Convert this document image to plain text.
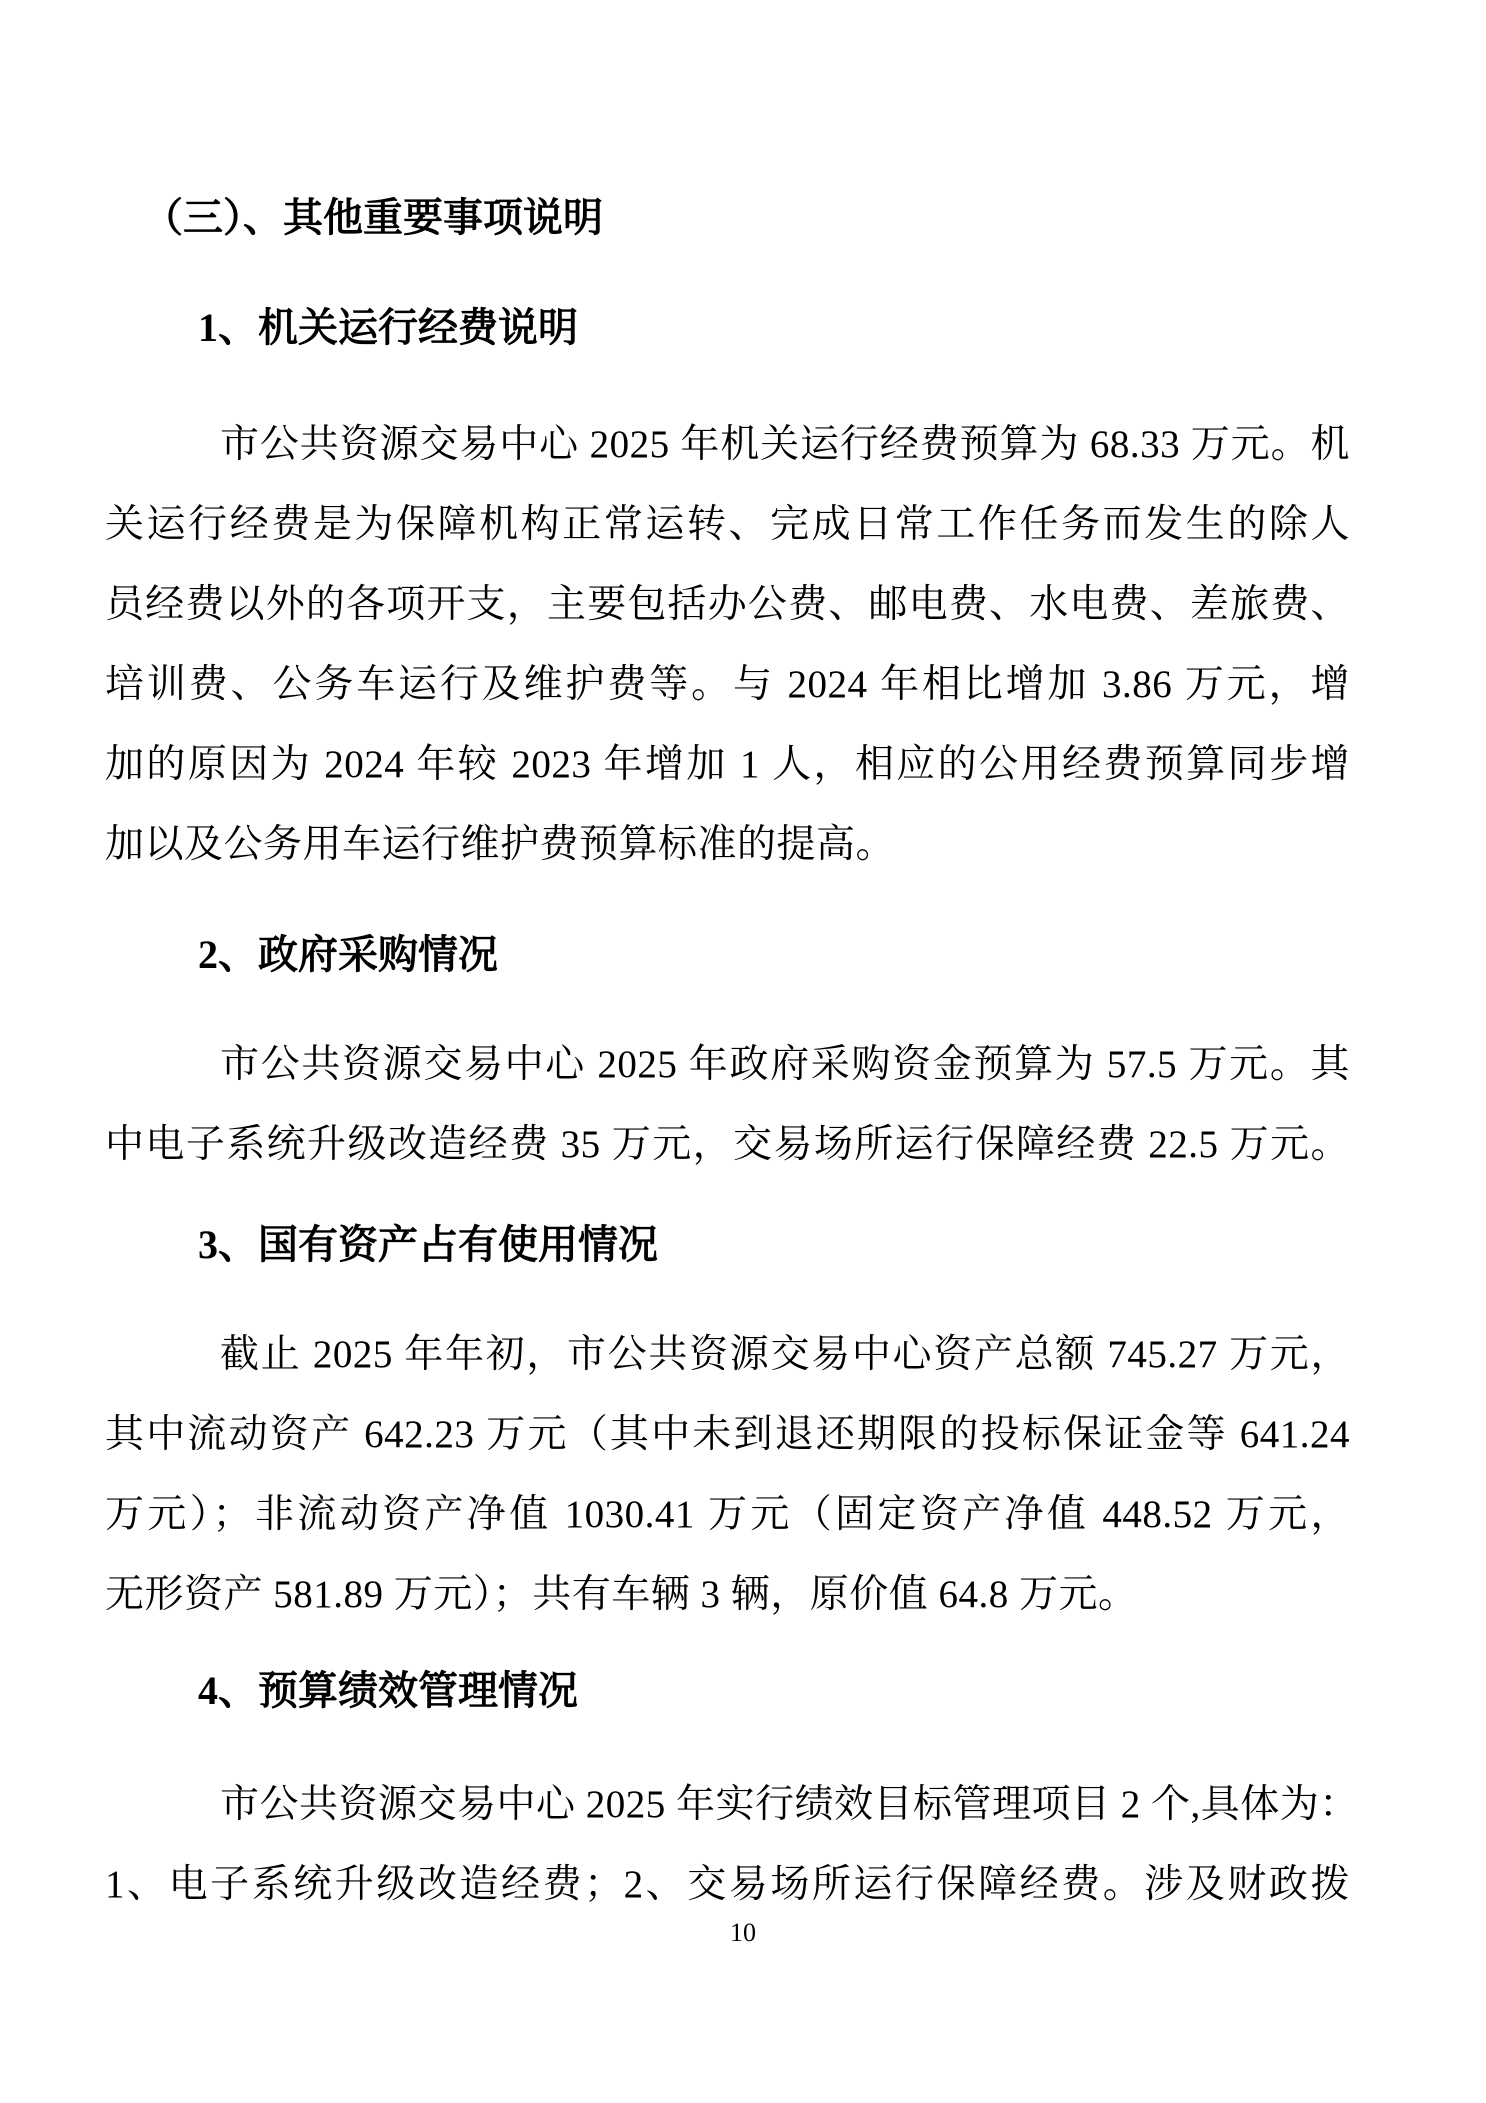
（三）、其他重要事项说明
1、机关运行经费说明
市公共资源交易中心 2025 年机关运行经费预算为 68.33 万元。机
关运行经费是为保障机构正常运转、完成日常工作任务而发生的除人
员经费以外的各项开支，主要包括办公费、邮电费、水电费、差旅费、
培训费、公务车运行及维护费等。与 2024 年相比增加 3.86 万元，增
加的原因为 2024 年较 2023 年增加 1 人，相应的公用经费预算同步增
加以及公务用车运行维护费预算标准的提高。
2、政府采购情况
市公共资源交易中心 2025 年政府采购资金预算为 57.5 万元。其
中电子系统升级改造经费 35 万元，交易场所运行保障经费 22.5 万元。
3、国有资产占有使用情况
截止 2025 年年初，市公共资源交易中心资产总额 745.27 万元，
其中流动资产 642.23 万元（其中未到退还期限的投标保证金等 641.24
万元）；非流动资产净值 1030.41 万元（固定资产净值 448.52 万元，
无形资产 581.89 万元）；共有车辆 3 辆，原价值 64.8 万元。
4、预算绩效管理情况
市公共资源交易中心 2025 年实行绩效目标管理项目 2 个,具体为：
1、电子系统升级改造经费；2、交易场所运行保障经费。涉及财政拨
10
